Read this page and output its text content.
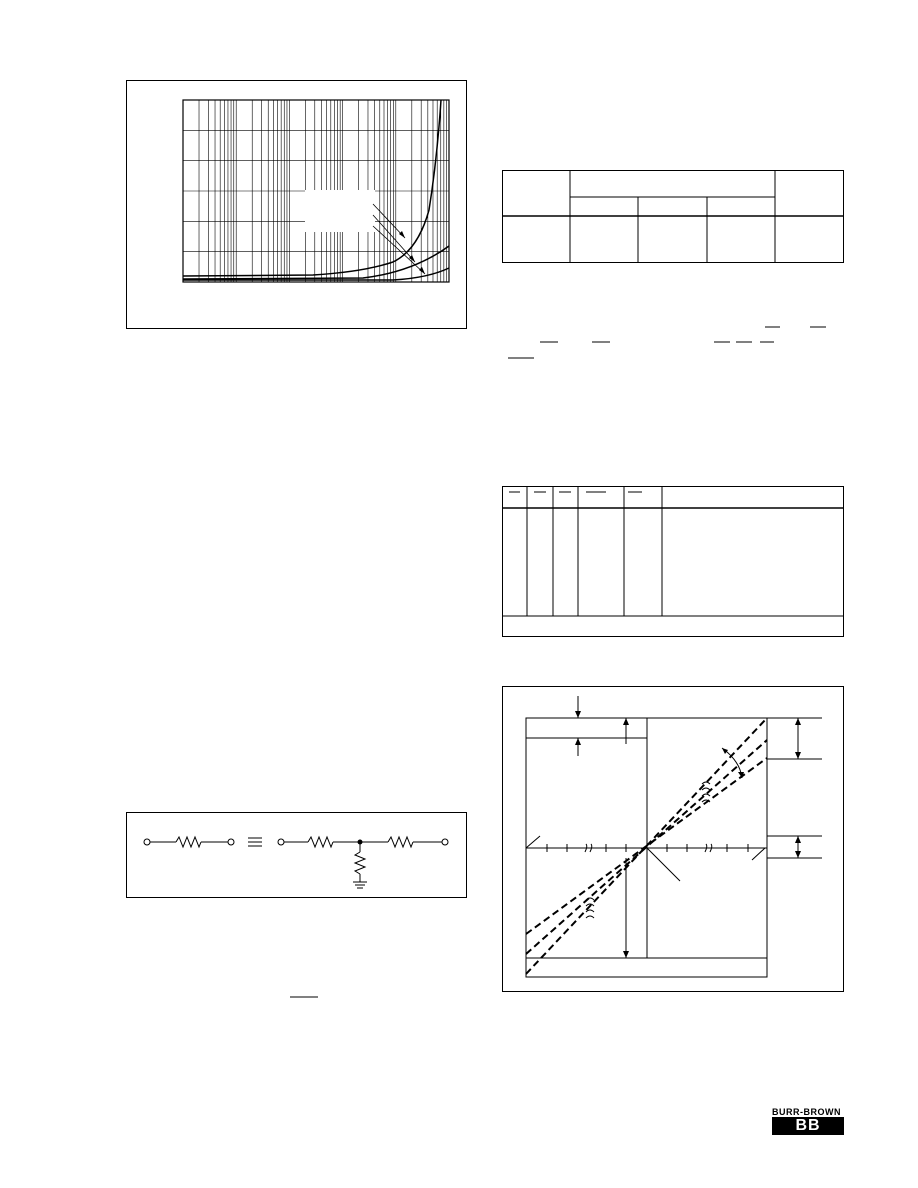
BURR-BROWN
BB
